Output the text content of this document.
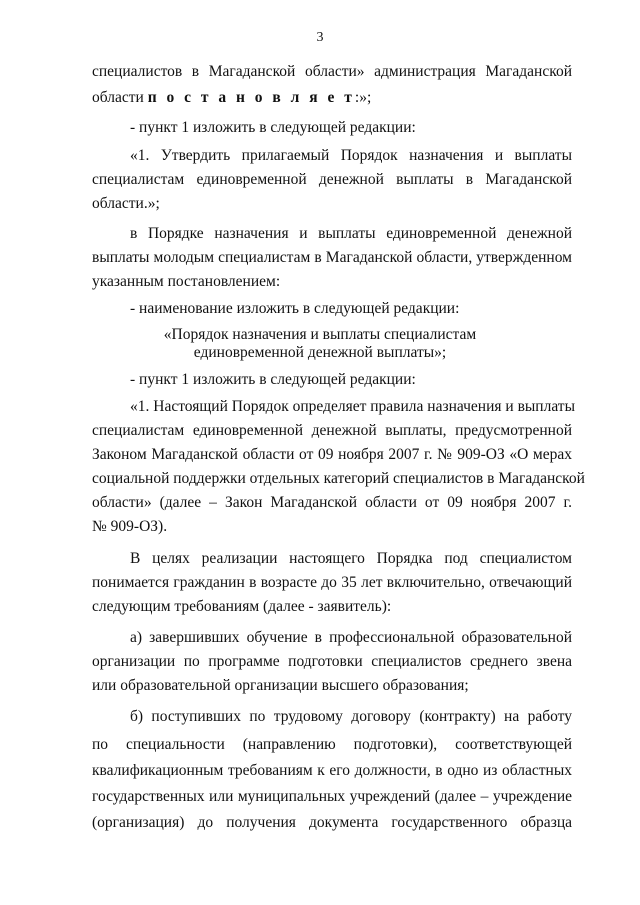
3
специалистов в Магаданской области» администрация Магаданской
области п о с т а н о в л я е т:»;
- пункт 1 изложить в следующей редакции:
«1. Утвердить прилагаемый Порядок назначения и выплаты
специалистам единовременной денежной выплаты в Магаданской
области.»;
в Порядке назначения и выплаты единовременной денежной
выплаты молодым специалистам в Магаданской области, утвержденном
указанным постановлением:
- наименование изложить в следующей редакции:
«Порядок назначения и выплаты специалистам
единовременной денежной выплаты»;
- пункт 1 изложить в следующей редакции:
«1. Настоящий Порядок определяет правила назначения и выплаты
специалистам единовременной денежной выплаты, предусмотренной
Законом Магаданской области от 09 ноября 2007 г. № 909-ОЗ «О мерах
социальной поддержки отдельных категорий специалистов в Магаданской
области» (далее – Закон Магаданской области от 09 ноября 2007 г.
№ 909-ОЗ).
В целях реализации настоящего Порядка под специалистом
понимается гражданин в возрасте до 35 лет включительно, отвечающий
следующим требованиям (далее - заявитель):
а) завершивших обучение в профессиональной образовательной
организации по программе подготовки специалистов среднего звена
или образовательной организации высшего образования;
б) поступивших по трудовому договору (контракту) на работу
по специальности (направлению подготовки), соответствующей
квалификационным требованиям к его должности, в одно из областных
государственных или муниципальных учреждений (далее – учреждение
(организация) до получения документа государственного образца
